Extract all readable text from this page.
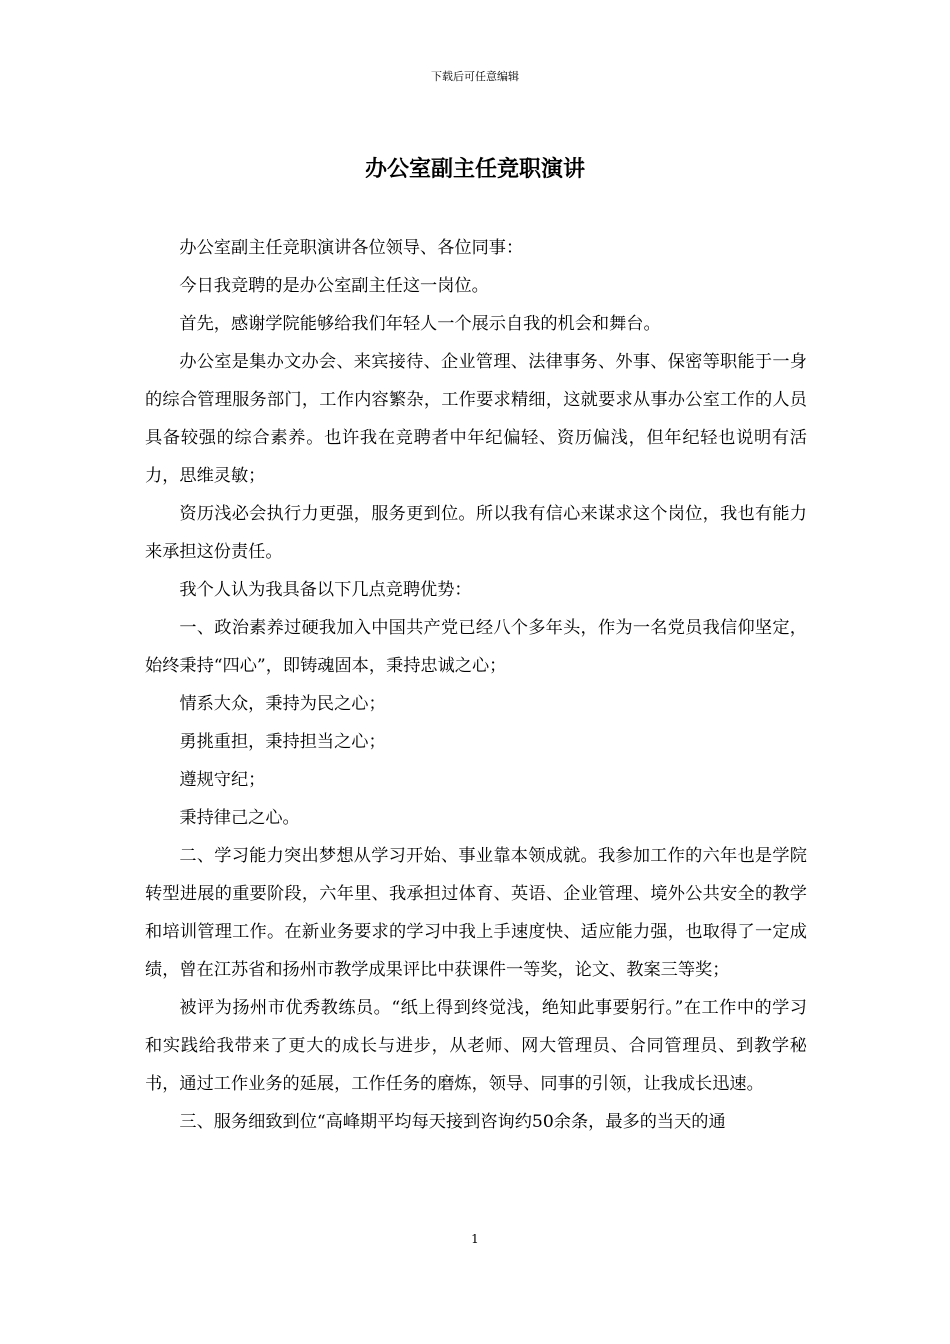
下载后可任意编辑
办公室副主任竞职演讲

办公室副主任竞职演讲各位领导、各位同事：

今日我竞聘的是办公室副主任这一岗位。

首先，感谢学院能够给我们年轻人一个展示自我的机会和舞台。

办公室是集办文办会、来宾接待、企业管理、法律事务、外事、保密等职能于一身的综合管理服务部门，工作内容繁杂，工作要求精细，这就要求从事办公室工作的人员具备较强的综合素养。也许我在竞聘者中年纪偏轻、资历偏浅，但年纪轻也说明有活力，思维灵敏；

资历浅必会执行力更强，服务更到位。所以我有信心来谋求这个岗位，我也有能力来承担这份责任。

我个人认为我具备以下几点竞聘优势：

一、政治素养过硬我加入中国共产党已经八个多年头，作为一名党员我信仰坚定，始终秉持“四心”，即铸魂固本，秉持忠诚之心；

情系大众，秉持为民之心；

勇挑重担，秉持担当之心；

遵规守纪；

秉持律己之心。

二、学习能力突出梦想从学习开始、事业靠本领成就。我参加工作的六年也是学院转型进展的重要阶段，六年里、我承担过体育、英语、企业管理、境外公共安全的教学和培训管理工作。在新业务要求的学习中我上手速度快、适应能力强，也取得了一定成绩，曾在江苏省和扬州市教学成果评比中获课件一等奖，论文、教案三等奖；

被评为扬州市优秀教练员。“纸上得到终觉浅，绝知此事要躬行。”在工作中的学习和实践给我带来了更大的成长与进步，从老师、网大管理员、合同管理员、到教学秘书，通过工作业务的延展，工作任务的磨炼，领导、同事的引领，让我成长迅速。

三、服务细致到位“高峰期平均每天接到咨询约50余条，最多的当天的通

1
